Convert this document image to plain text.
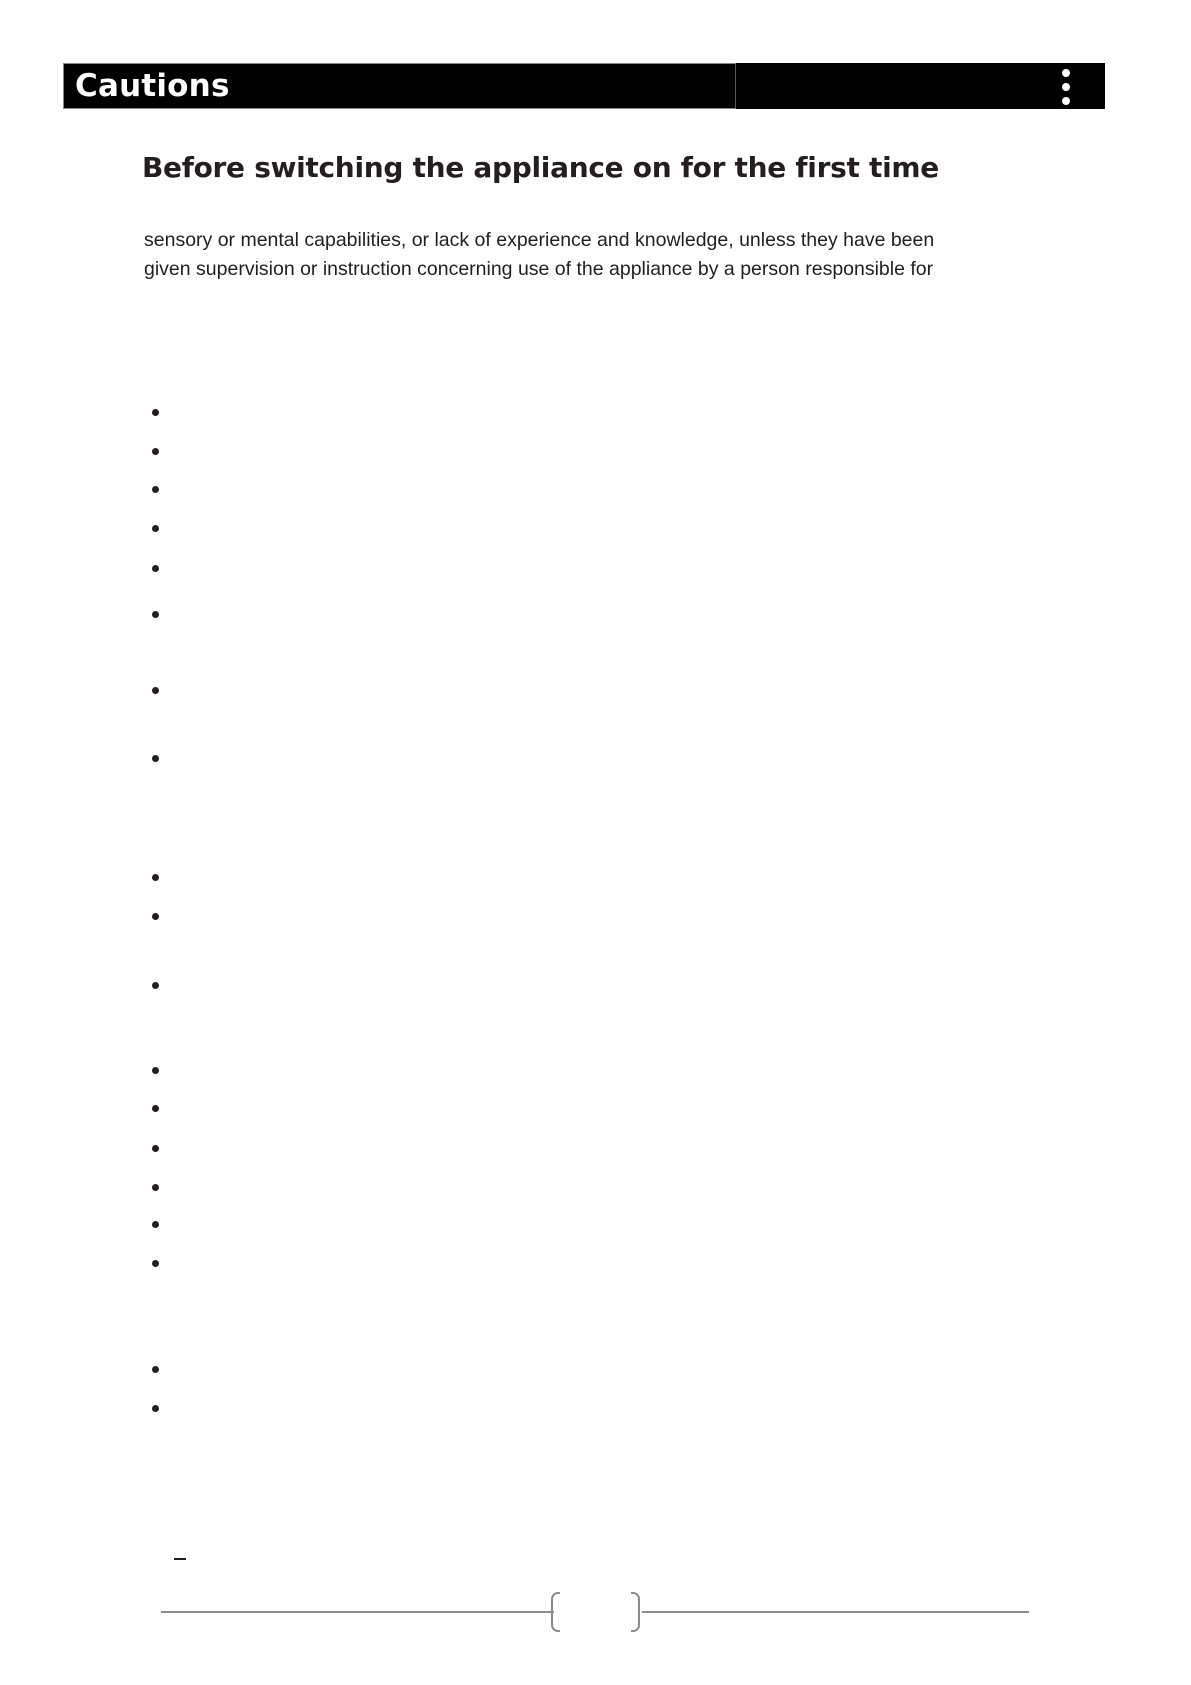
Cautions
Before switching the appliance on for the first time
sensory or mental capabilities, or lack of experience and knowledge, unless they have been
given supervision or instruction concerning use of the appliance by a person responsible for
